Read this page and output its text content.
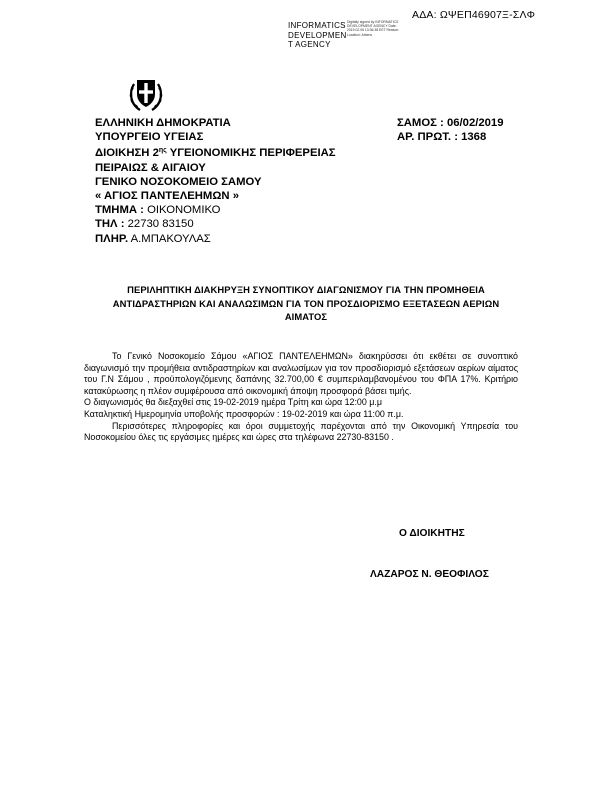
ΑΔΑ: ΩΨΕΠ46907Ξ-ΣΛΦ
INFORMATICS
DEVELOPMEN
T AGENCY
Digitally signed by INFORMATICS DEVELOPMENT AGENCY Date: 2019.02.06 13:36:38 EET Reason: Location: Athens
ΕΛΛΗΝΙΚΗ ΔΗΜΟΚΡΑΤΙΑ
ΥΠΟΥΡΓΕΙΟ ΥΓΕΙΑΣ
ΔΙΟΙΚΗΣΗ $2^{\eta\varsigma}$ ΥΓΕΙΟΝΟΜΙΚΗΣ ΠΕΡΙΦΕΡΕΙΑΣ
ΠΕΙΡΑΙΩΣ & ΑΙΓΑΙΟΥ
ΓΕΝΙΚΟ ΝΟΣΟΚΟΜΕΙΟ ΣΑΜΟΥ
« ΑΓΙΟΣ ΠΑΝΤΕΛΕΗΜΩΝ »
ΤΜΗΜΑ : ΟΙΚΟΝΟΜΙΚΟ
ΤΗΛ : 22730 83150
ΠΛΗΡ. Α.ΜΠΑΚΟΥΛΑΣ
ΣΑΜΟΣ : 06/02/2019
ΑΡ. ΠΡΩΤ. : 1368
ΠΕΡΙΛΗΠΤΙΚΗ ΔΙΑΚΗΡΥΞΗ ΣΥΝΟΠΤΙΚΟΥ ΔΙΑΓΩΝΙΣΜΟΥ ΓΙΑ ΤΗΝ ΠΡΟΜΗΘΕΙΑ
ΑΝΤΙΔΡΑΣΤΗΡΙΩΝ ΚΑΙ ΑΝΑΛΩΣΙΜΩΝ ΓΙΑ ΤΟΝ ΠΡΟΣΔΙΟΡΙΣΜΟ ΕΞΕΤΑΣΕΩΝ ΑΕΡΙΩΝ
ΑΙΜΑΤΟΣ

Το Γενικό Νοσοκομείο Σάμου «ΑΓΙΟΣ ΠΑΝΤΕΛΕΗΜΩΝ» διακηρύσσει ότι εκθέτει σε συνοπτικό διαγωνισμό την προμήθεια αντιδραστηρίων και αναλωσίμων για τον προσδιορισμό εξετάσεων αερίων αίματος του Γ.Ν Σάμου , προϋπολογιζόμενης δαπάνης 32.700,00 € συμπεριλαμβανομένου του ΦΠΑ 17%. Κριτήριο κατακύρωσης η πλέον συμφέρουσα από οικονομική άποψη προσφορά βάσει τιμής.

Ο διαγωνισμός θα διεξαχθεί στις 19-02-2019 ημέρα Τρίτη και ώρα 12:00 μ.μ

Καταληκτική Ημερομηνία υποβολής προσφορών : 19-02-2019 και ώρα 11:00 π.μ.

Περισσότερες πληροφορίες και όροι συμμετοχής παρέχονται από την Οικονομική Υπηρεσία του Νοσοκομείου όλες τις εργάσιμες ημέρες και ώρες στα τηλέφωνα 22730-83150 .

Ο ΔΙΟΙΚΗΤΗΣ
ΛΑΖΑΡΟΣ Ν. ΘΕΟΦΙΛΟΣ
